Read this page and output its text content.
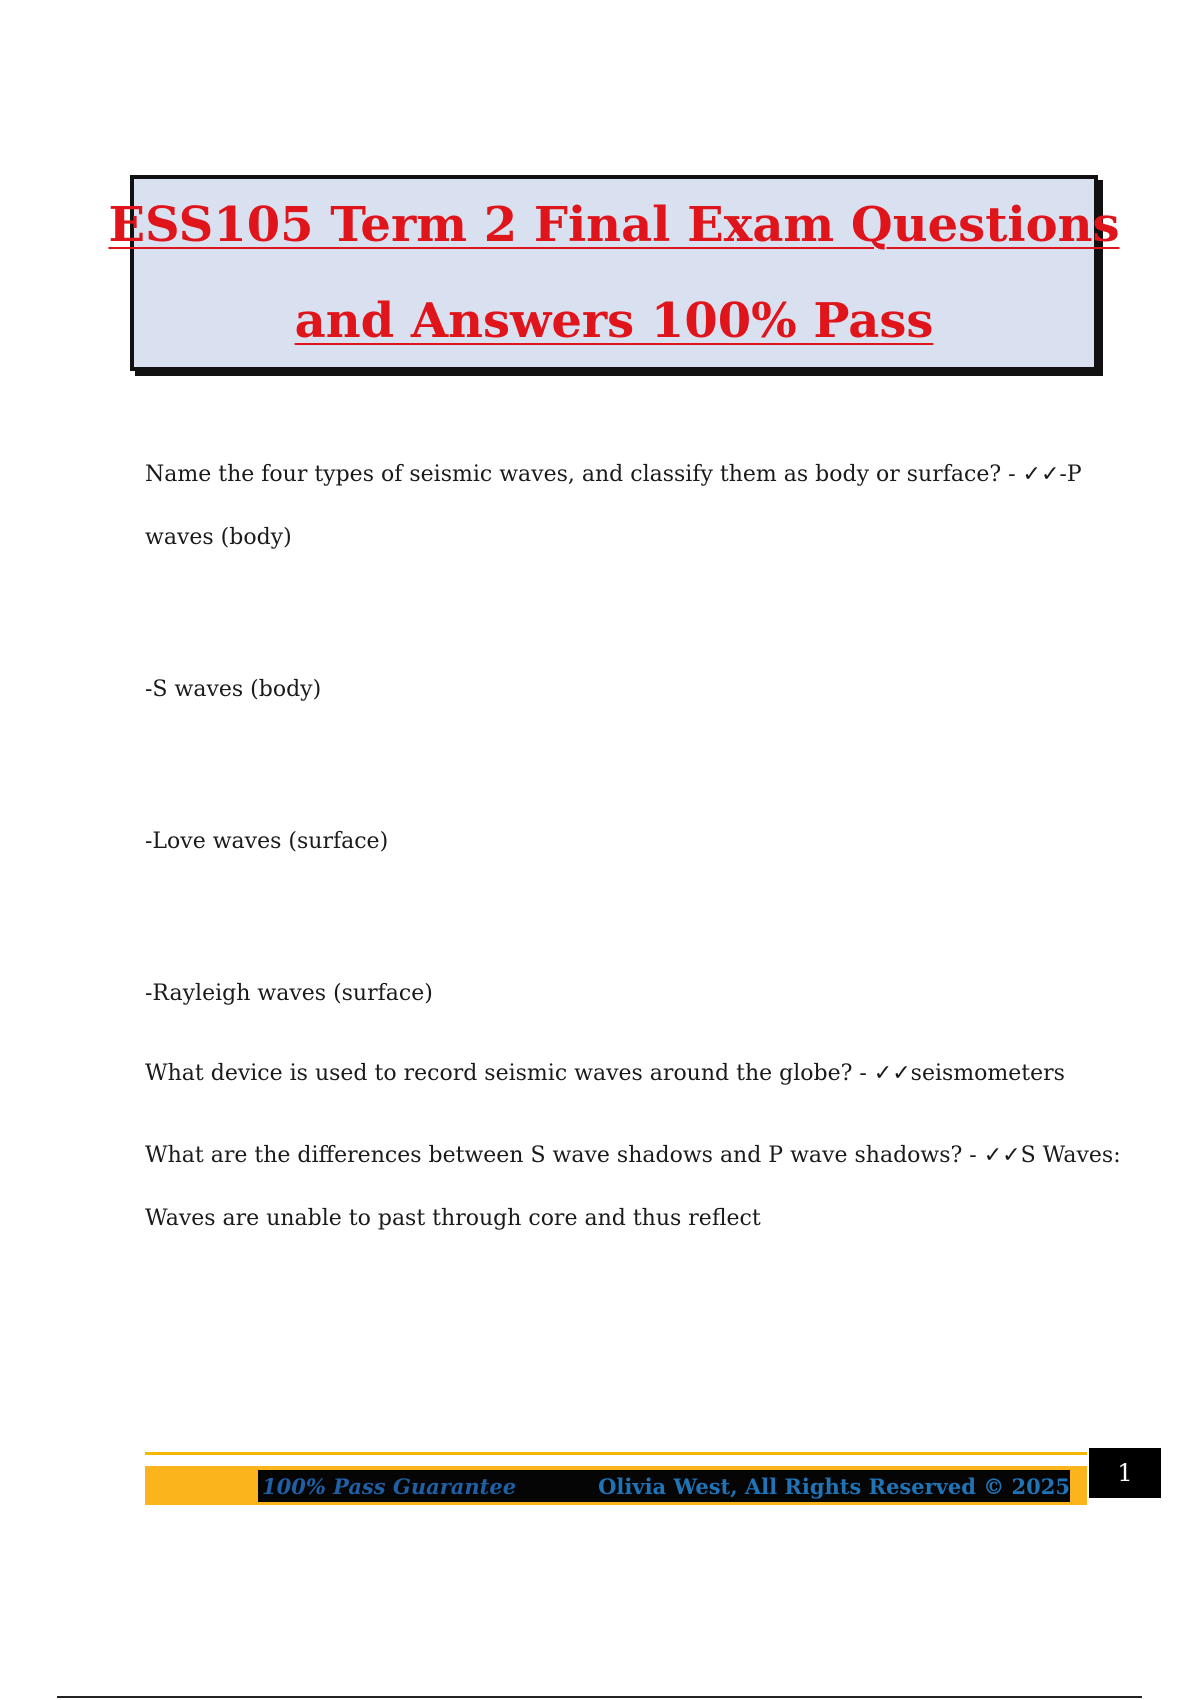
ESS105 Term 2 Final Exam Questions
and Answers 100% Pass
Name the four types of seismic waves, and classify them as body or surface? - ✓✓-P
waves (body)
-S waves (body)
-Love waves (surface)
-Rayleigh waves (surface)
What device is used to record seismic waves around the globe? - ✓✓seismometers
What are the differences between S wave shadows and P wave shadows? - ✓✓S Waves:
Waves are unable to past through core and thus reflect
100% Pass Guarantee	Olivia West, All Rights Reserved © 2025 1
